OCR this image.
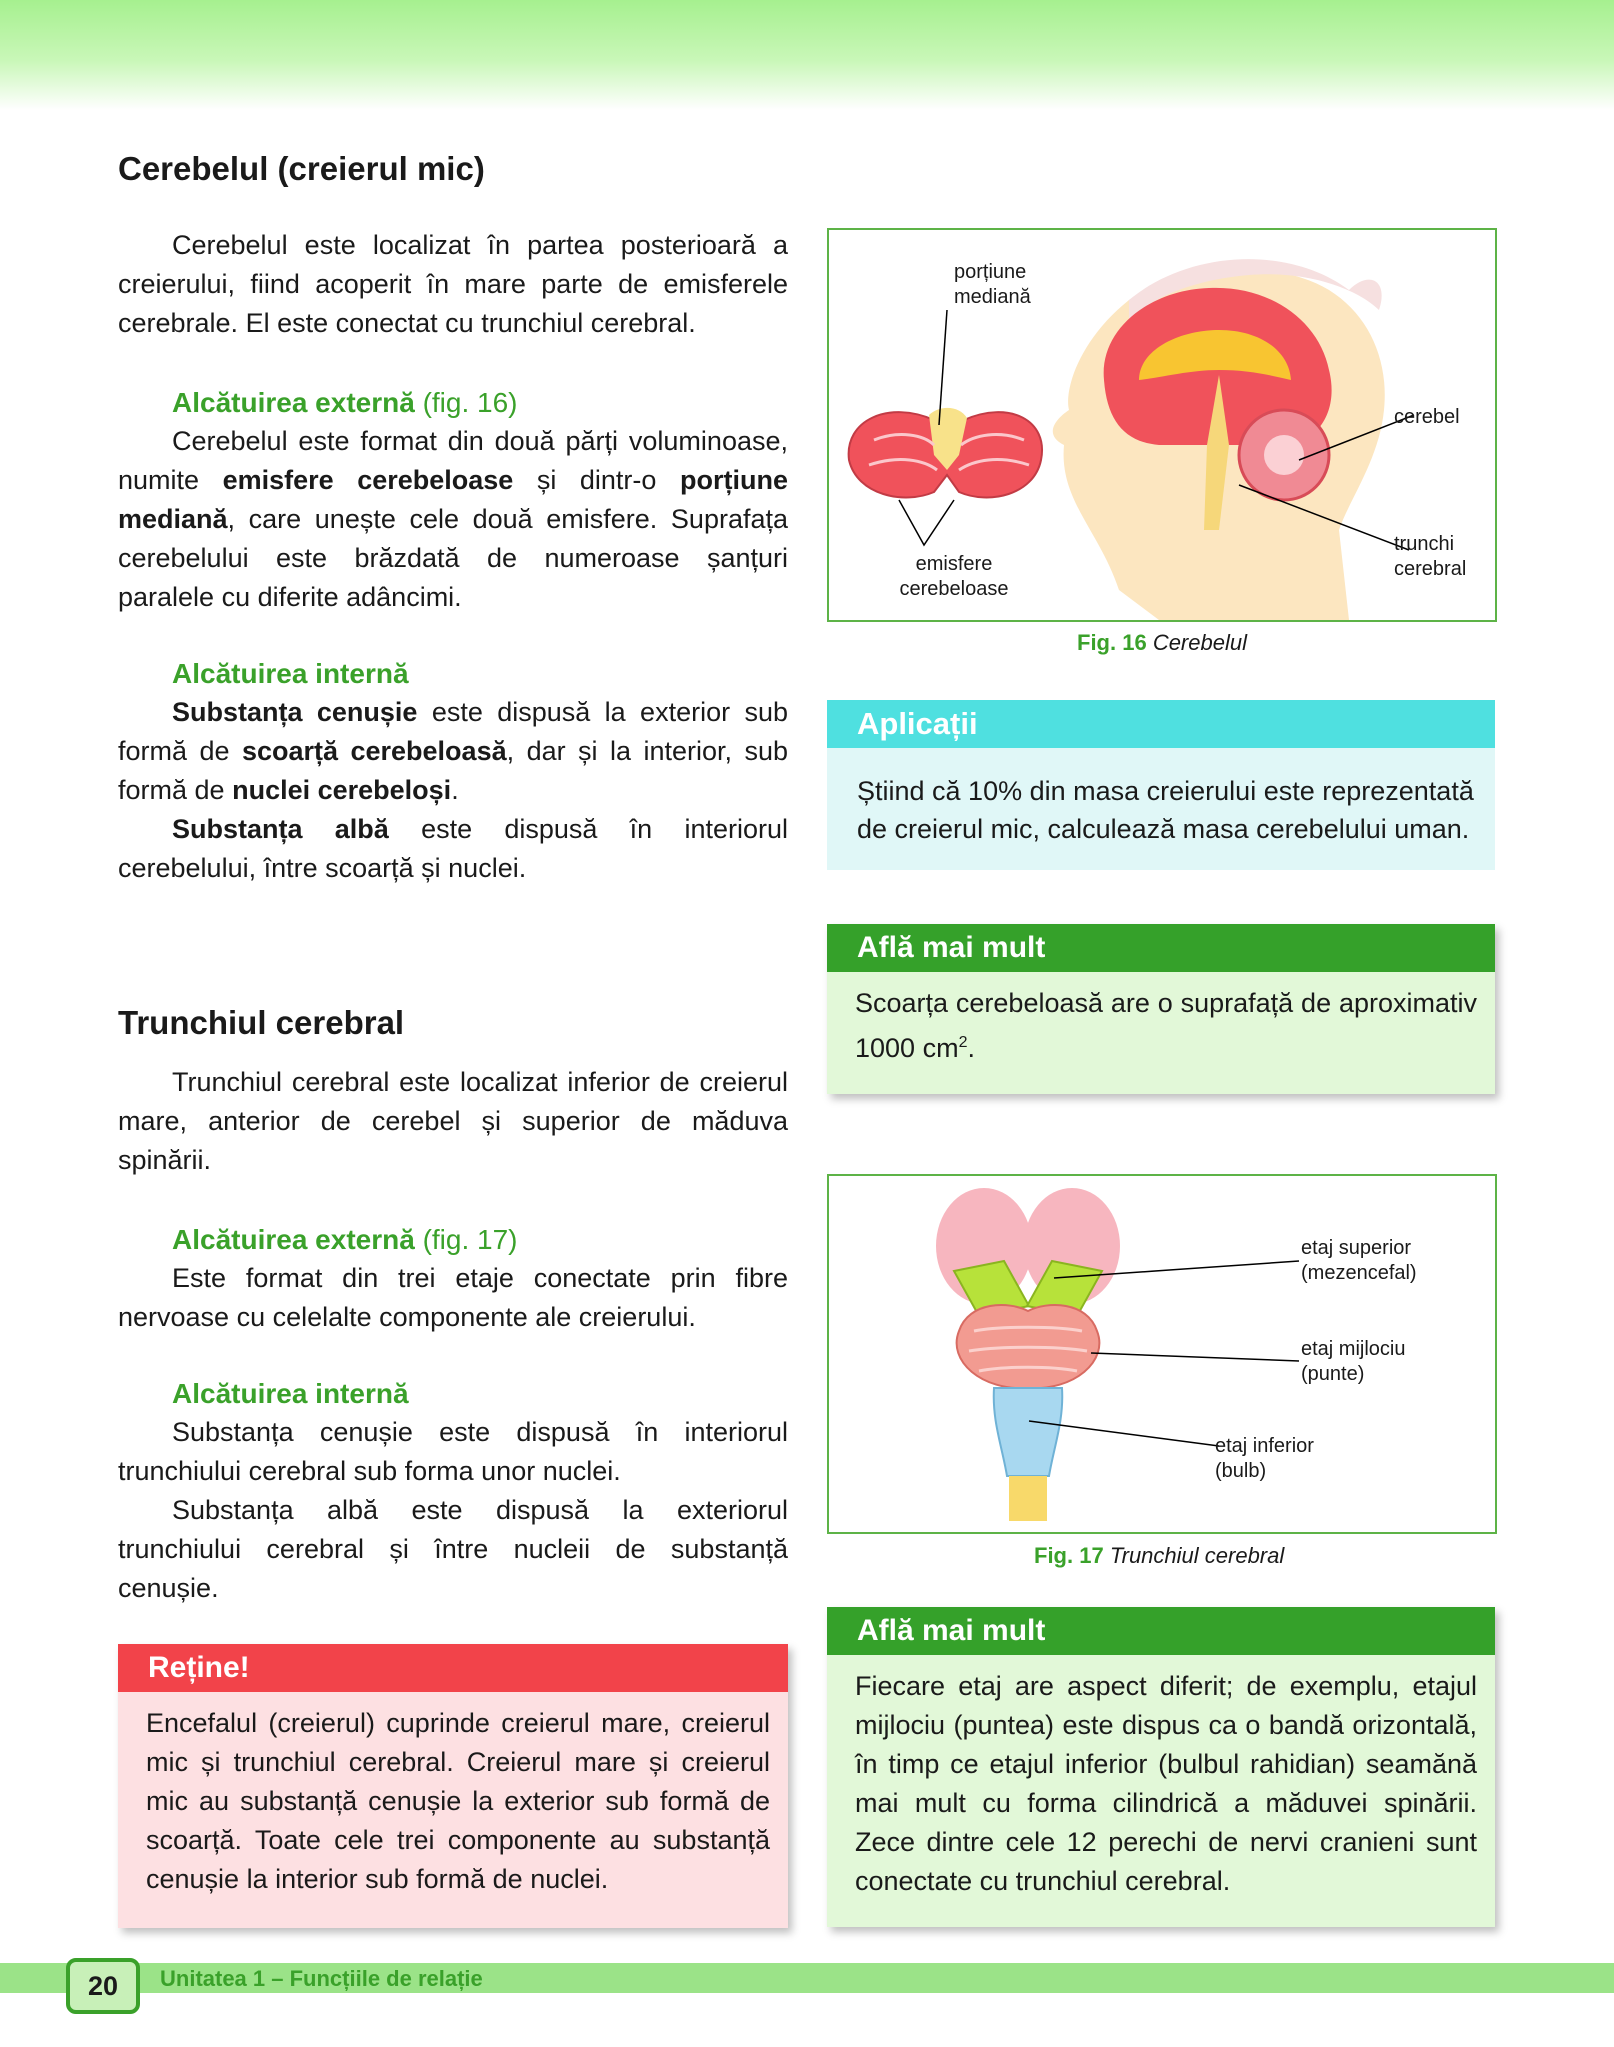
Cerebelul (creierul mic)

Cerebelul este localizat în partea posterioară a creierului, fiind acoperit în mare parte de emisferele cerebrale. El este conectat cu trunchiul cerebral.

Alcătuirea externă (fig. 16)

Cerebelul este format din două părți voluminoase, numite emisfere cerebeloase și dintr-o porțiune mediană, care unește cele două emisfere. Suprafața cerebelului este brăzdată de numeroase șanțuri paralele cu diferite adâncimi.

Alcătuirea internă

Substanța cenușie este dispusă la exterior sub formă de scoarță cerebeloasă, dar și la interior, sub formă de nuclei cerebeloși.

Substanța albă este dispusă în interiorul cerebelului, între scoarță și nuclei.

Trunchiul cerebral

Trunchiul cerebral este localizat inferior de creierul mare, anterior de cerebel și superior de măduva spinării.

Alcătuirea externă (fig. 17)

Este format din trei etaje conectate prin fibre nervoase cu celelalte componente ale creierului.

Alcătuirea internă

Substanța cenușie este dispusă în interiorul trunchiului cerebral sub forma unor nuclei.

Substanța albă este dispusă la exteriorul trunchiului cerebral și între nucleii de substanță cenușie.

Reține!
Encefalul (creierul) cuprinde creierul mare, creierul mic și trunchiul cerebral. Creierul mare și creierul mic au substanță cenușie la exterior sub formă de scoarță. Toate cele trei componente au substanță cenușie la interior sub formă de nuclei.
porțiune mediană
emisfere cerebeloase
cerebel
trunchi cerebral
Fig. 16 Cerebelul
Aplicații
Știind că 10% din masa creierului este reprezentată de creierul mic, calculează masa cerebelului uman.
Află mai mult
Scoarța cerebeloasă are o suprafață de aproximativ 1000 $cm^2$.
etaj superior (mezencefal)
etaj mijlociu (punte)
etaj inferior (bulb)
Fig. 17 Trunchiul cerebral
Află mai mult
Fiecare etaj are aspect diferit; de exemplu, etajul mijlociu (puntea) este dispus ca o bandă orizontală, în timp ce etajul inferior (bulbul rahidian) seamănă mai mult cu forma cilindrică a măduvei spinării. Zece dintre cele 12 perechi de nervi cranieni sunt conectate cu trunchiul cerebral.
20	Unitatea 1 – Funcțiile de relație
